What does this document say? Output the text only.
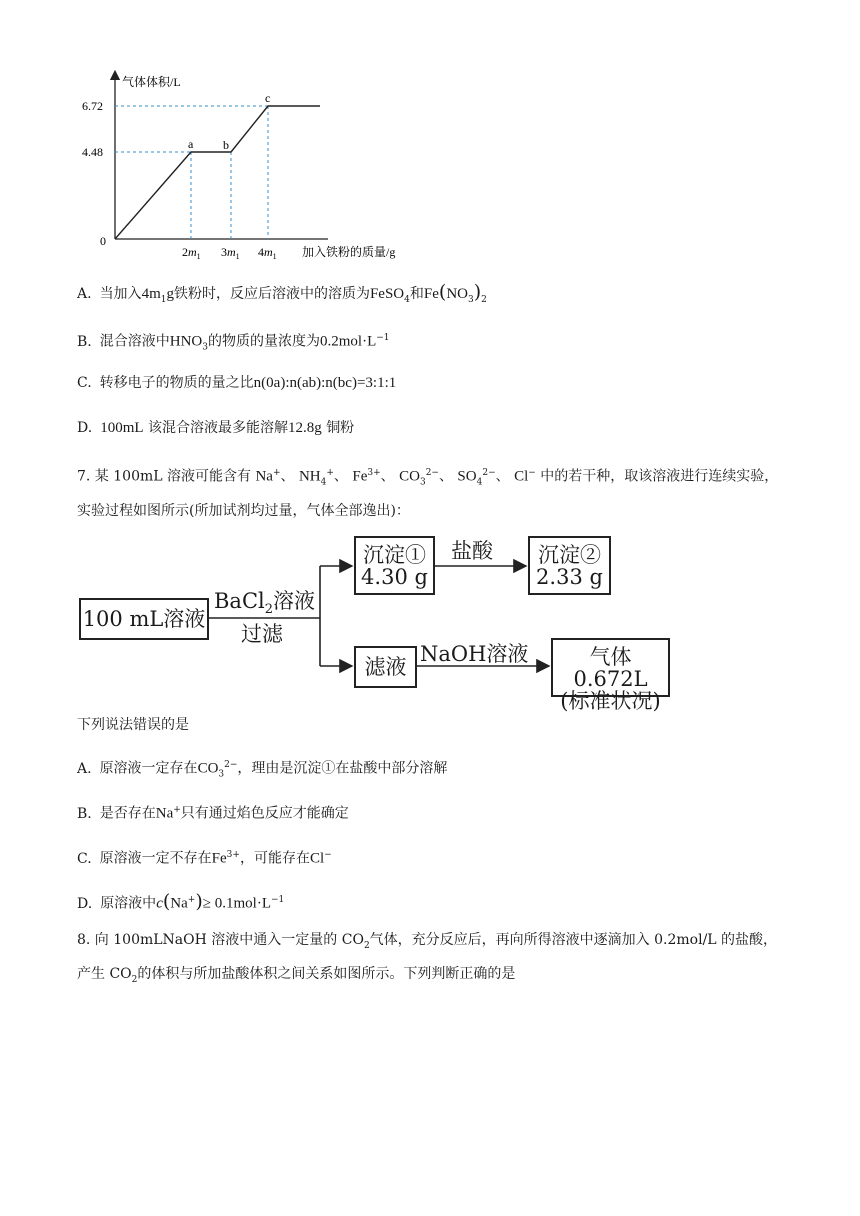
气体体积/L
6.72
4.48
0
a b
c
$2m_1$ $3m_1$ $4m_1$ 加入铁粉的质量/g
A. 当加入$4m_1g$铁粉时，反应后溶液中的溶质为FeSO$_4$和$Fe(NO_3)_2$
B. 混合溶液中$HNO_3$的物质的量浓度为$0.2mol\cdot L^{-1}$
C. 转移电子的物质的量之比n(0a):n(ab):n(bc)=3:1:1
D. 100mL 该混合溶液最多能溶解12.8g 铜粉
7. 某 100mL 溶液可能含有 Na+、 $NH_4^+$、 $Fe^{3+}$、 $CO_3^{2-}$、 $SO_4^{2-}$、 Cl− 中的若干种，取该溶液进行连续实验，
实验过程如图所示(所加试剂均过量，气体全部逸出)：
100 mL溶液
BaCl$_2$溶液
过滤
沉淀①
4.30 g
盐酸	沉淀②
2.33 g
滤液
NaOH溶液	气体0.672L
(标准状况)
下列说法错误的是
A. 原溶液一定存在$CO_3^{2-}$，理由是沉淀①在盐酸中部分溶解
B. 是否存在Na+只有通过焰色反应才能确定
C. 原溶液一定不存在$Fe^{3+}$，可能存在Cl−
D. 原溶液中$c(Na^+)\ge 0.1mol\cdot L^{-1}$
8. 向 100mLNaOH 溶液中通入一定量的 $CO_2$气体，充分反应后，再向所得溶液中逐滴加入 0.2mol/L 的盐酸，
产生 $CO_2$的体积与所加盐酸体积之间关系如图所示。下列判断正确的是
